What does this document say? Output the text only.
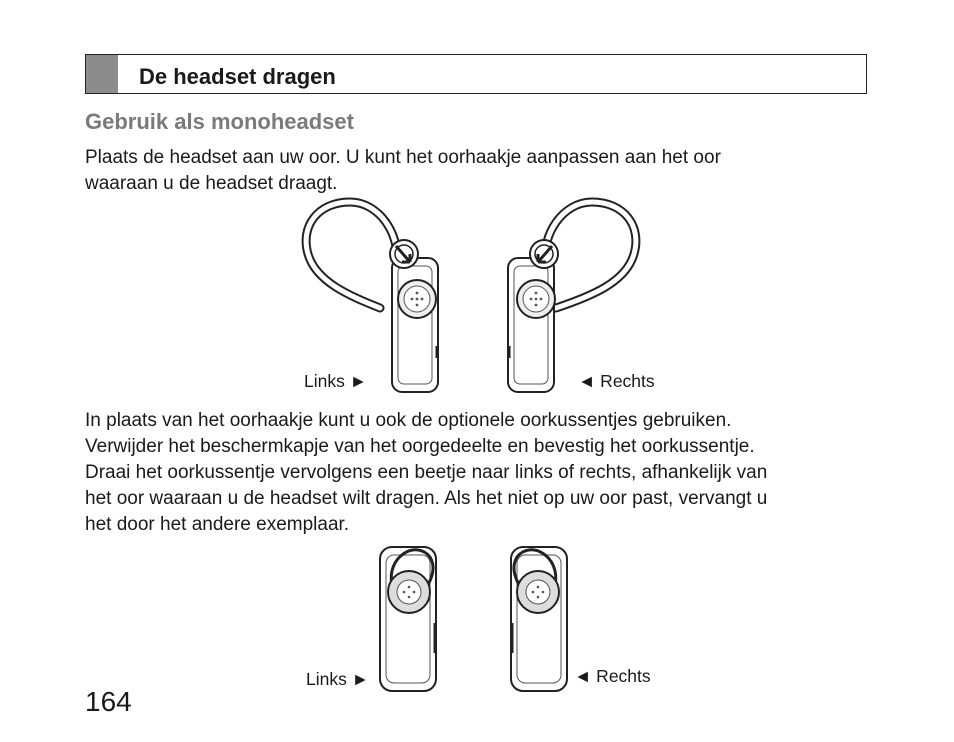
De headset dragen
Gebruik als monoheadset

Plaats de headset aan uw oor. U kunt het oorhaakje aanpassen aan het oor
waaraan u de headset draagt.

Links ►	◄ Rechts

In plaats van het oorhaakje kunt u ook de optionele oorkussentjes gebruiken.
Verwijder het beschermkapje van het oorgedeelte en bevestig het oorkussentje.
Draai het oorkussentje vervolgens een beetje naar links of rechts, afhankelijk van
het oor waaraan u de headset wilt dragen. Als het niet op uw oor past, vervangt u
het door het andere exemplaar.

Links ►	◄ Rechts
164
